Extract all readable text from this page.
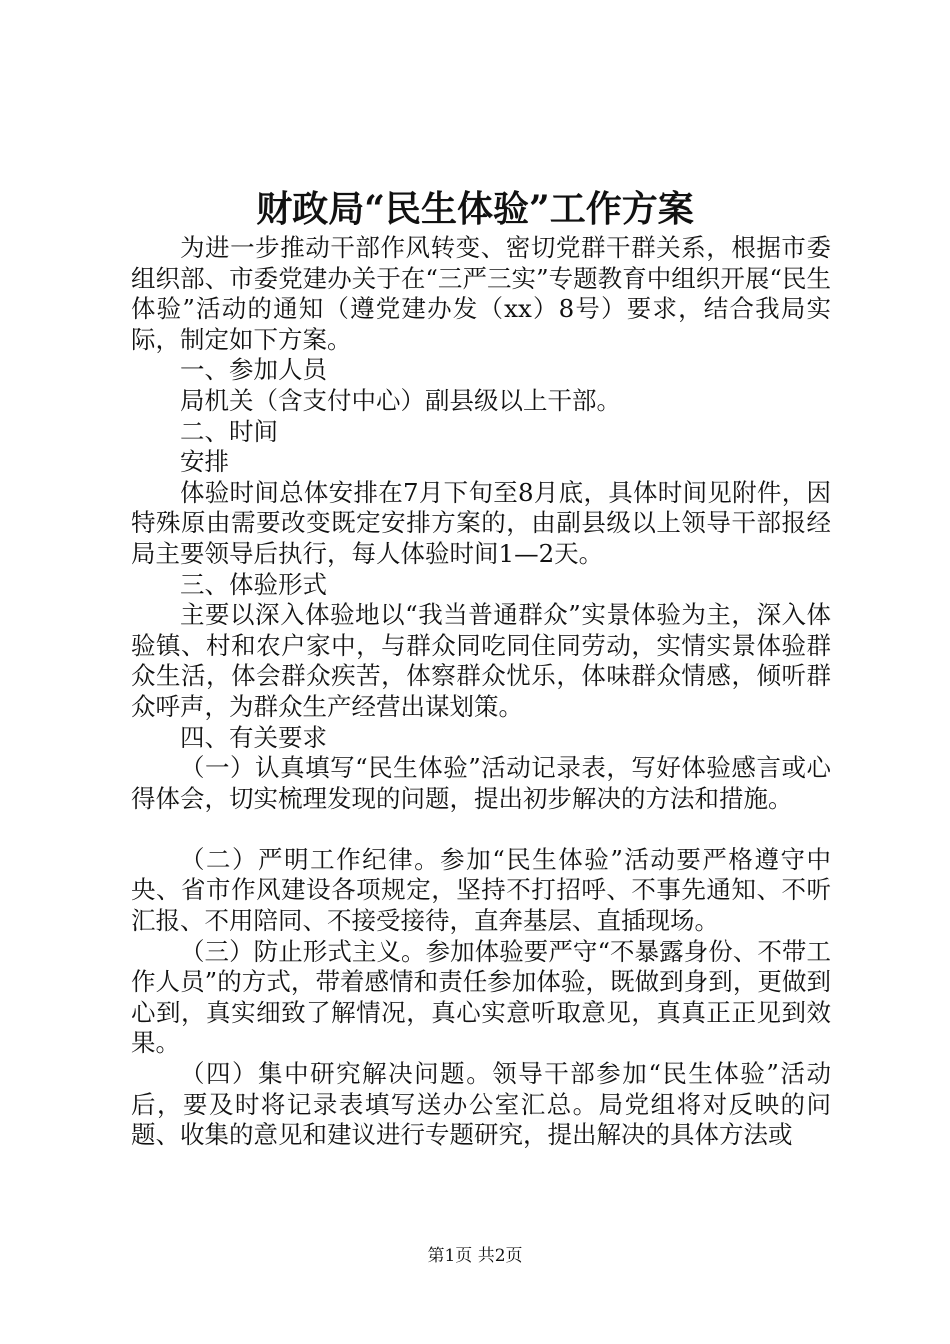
财政局“民生体验”工作方案

为进一步推动干部作风转变、密切党群干群关系，根据市委组织部、市委党建办关于在“三严三实”专题教育中组织开展“民生体验”活动的通知（遵党建办发（xx）8号）要求，结合我局实际，制定如下方案。

一、参加人员

局机关（含支付中心）副县级以上干部。

二、时间

安排

体验时间总体安排在7月下旬至8月底，具体时间见附件，因特殊原由需要改变既定安排方案的，由副县级以上领导干部报经局主要领导后执行，每人体验时间1—2天。

三、体验形式

主要以深入体验地以“我当普通群众”实景体验为主，深入体验镇、村和农户家中，与群众同吃同住同劳动，实情实景体验群众生活，体会群众疾苦，体察群众忧乐，体味群众情感，倾听群众呼声，为群众生产经营出谋划策。

四、有关要求

（一）认真填写“民生体验”活动记录表，写好体验感言或心得体会，切实梳理发现的问题，提出初步解决的方法和措施。

（二）严明工作纪律。参加“民生体验”活动要严格遵守中央、省市作风建设各项规定，坚持不打招呼、不事先通知、不听汇报、不用陪同、不接受接待，直奔基层、直插现场。

（三）防止形式主义。参加体验要严守“不暴露身份、不带工作人员”的方式，带着感情和责任参加体验，既做到身到，更做到心到，真实细致了解情况，真心实意听取意见，真真正正见到效果。

（四）集中研究解决问题。领导干部参加“民生体验”活动后，要及时将记录表填写送办公室汇总。局党组将对反映的问题、收集的意见和建议进行专题研究，提出解决的具体方法或

第1页 共2页
